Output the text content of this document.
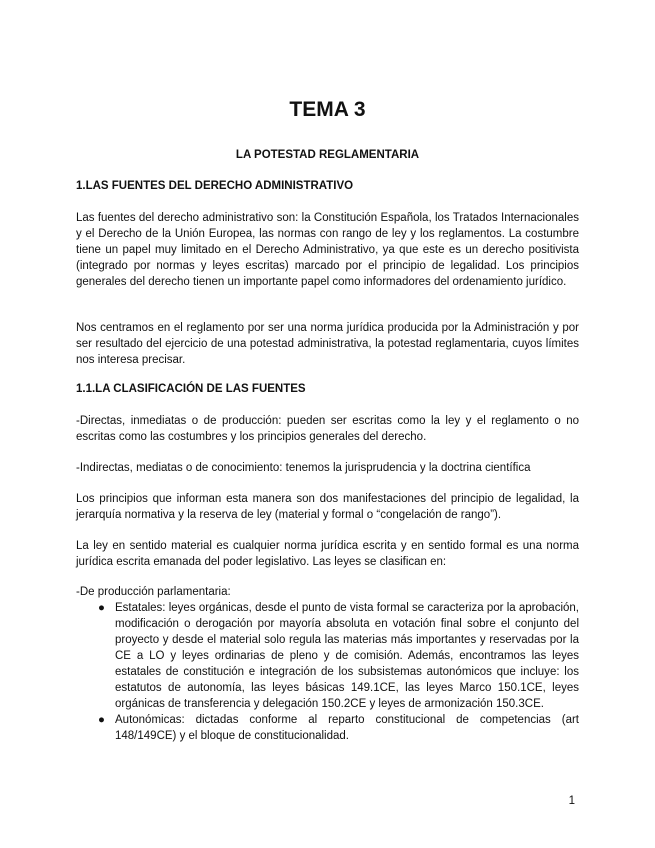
TEMA 3
LA POTESTAD REGLAMENTARIA
1.LAS FUENTES DEL DERECHO ADMINISTRATIVO

Las fuentes del derecho administrativo son: la Constitución Española, los Tratados Internacionales y el Derecho de la Unión Europea, las normas con rango de ley y los reglamentos. La costumbre tiene un papel muy limitado en el Derecho Administrativo, ya que este es un derecho positivista (integrado por normas y leyes escritas) marcado por el principio de legalidad. Los principios generales del derecho tienen un importante papel como informadores del ordenamiento jurídico.

Nos centramos en el reglamento por ser una norma jurídica producida por la Administración y por ser resultado del ejercicio de una potestad administrativa, la potestad reglamentaria, cuyos límites nos interesa precisar.

1.1.LA CLASIFICACIÓN DE LAS FUENTES

-Directas, inmediatas o de producción: pueden ser escritas como la ley y el reglamento o no escritas como las costumbres y los principios generales del derecho.

-Indirectas, mediatas o de conocimiento: tenemos la jurisprudencia y la doctrina científica

Los principios que informan esta manera son dos manifestaciones del principio de legalidad, la jerarquía normativa y la reserva de ley (material y formal o “congelación de rango”).

La ley en sentido material es cualquier norma jurídica escrita y en sentido formal es una norma jurídica escrita emanada del poder legislativo. Las leyes se clasifican en:

-De producción parlamentaria:

● Estatales: leyes orgánicas, desde el punto de vista formal se caracteriza por la aprobación, modificación o derogación por mayoría absoluta en votación final sobre el conjunto del proyecto y desde el material solo regula las materias más importantes y reservadas por la CE a LO y leyes ordinarias de pleno y de comisión. Además, encontramos las leyes estatales de constitución e integración de los subsistemas autonómicos que incluye: los estatutos de autonomía, las leyes básicas 149.1CE, las leyes Marco 150.1CE, leyes orgánicas de transferencia y delegación 150.2CE y leyes de armonización 150.3CE.
● Autonómicas: dictadas conforme al reparto constitucional de competencias (art 148/149CE) y el bloque de constitucionalidad.
1
